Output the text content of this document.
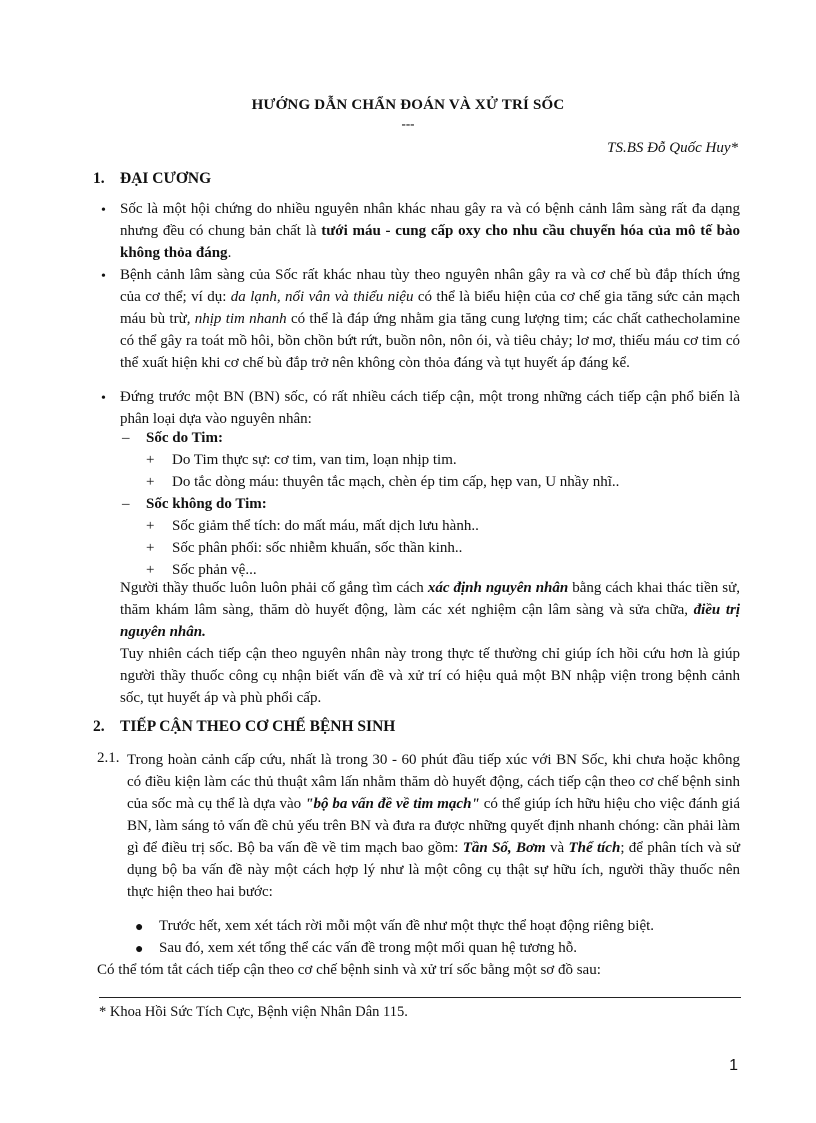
HƯỚNG DẪN CHẨN ĐOÁN VÀ XỬ TRÍ SỐC
---
TS.BS Đỗ Quốc Huy*
1. ĐẠI CƯƠNG
• Sốc là một hội chứng do nhiều nguyên nhân khác nhau gây ra và có bệnh cảnh lâm sàng rất đa dạng nhưng đều có chung bản chất là tưới máu - cung cấp oxy cho nhu cầu chuyển hóa của mô tế bào không thỏa đáng.
• Bệnh cảnh lâm sàng của Sốc rất khác nhau tùy theo nguyên nhân gây ra và cơ chế bù đắp thích ứng của cơ thể; ví dụ: da lạnh, nổi vân và thiểu niệu có thể là biểu hiện của cơ chế gia tăng sức cản mạch máu bù trừ, nhịp tim nhanh có thể là đáp ứng nhằm gia tăng cung lượng tim; các chất cathecholamine có thể gây ra toát mồ hôi, bồn chồn bứt rứt, buồn nôn, nôn ói, và tiêu chảy; lơ mơ, thiếu máu cơ tim có thể xuất hiện khi cơ chế bù đắp trở nên không còn thỏa đáng và tụt huyết áp đáng kể.
• Đứng trước một BN (BN) sốc, có rất nhiều cách tiếp cận, một trong những cách tiếp cận phổ biến là phân loại dựa vào nguyên nhân:
– Sốc do Tim:
+ Do Tim thực sự: cơ tim, van tim, loạn nhịp tim.
+ Do tắc dòng máu: thuyên tắc mạch, chèn ép tim cấp, hẹp van, U nhầy nhĩ..
– Sốc không do Tim:
+ Sốc giảm thể tích: do mất máu, mất dịch lưu hành..
+ Sốc phân phối: sốc nhiễm khuẩn, sốc thần kinh..
+ Sốc phản vệ...
Người thầy thuốc luôn luôn phải cố gắng tìm cách xác định nguyên nhân bằng cách khai thác tiền sử, thăm khám lâm sàng, thăm dò huyết động, làm các xét nghiệm cận lâm sàng và sửa chữa, điều trị nguyên nhân.
Tuy nhiên cách tiếp cận theo nguyên nhân này trong thực tế thường chỉ giúp ích hồi cứu hơn là giúp người thầy thuốc công cụ nhận biết vấn đề và xử trí có hiệu quả một BN nhập viện trong bệnh cảnh sốc, tụt huyết áp và phù phổi cấp.
2. TIẾP CẬN THEO CƠ CHẾ BỆNH SINH
2.1. Trong hoàn cảnh cấp cứu, nhất là trong 30 - 60 phút đầu tiếp xúc với BN Sốc, khi chưa hoặc không có điều kiện làm các thủ thuật xâm lấn nhằm thăm dò huyết động, cách tiếp cận theo cơ chế bệnh sinh của sốc mà cụ thể là dựa vào "bộ ba vấn đề về tim mạch" có thể giúp ích hữu hiệu cho việc đánh giá BN, làm sáng tỏ vấn đề chủ yếu trên BN và đưa ra được những quyết định nhanh chóng: cần phải làm gì để điều trị sốc. Bộ ba vấn đề về tim mạch bao gồm: Tần Số, Bơm và Thể tích; để phân tích và sử dụng bộ ba vấn đề này một cách hợp lý như là một công cụ thật sự hữu ích, người thầy thuốc nên thực hiện theo hai bước:
● Trước hết, xem xét tách rời mỗi một vấn đề như một thực thể hoạt động riêng biệt.
● Sau đó, xem xét tổng thể các vấn đề trong một mối quan hệ tương hỗ.
Có thể tóm tắt cách tiếp cận theo cơ chế bệnh sinh và xử trí sốc bằng một sơ đồ sau:
* Khoa Hồi Sức Tích Cực, Bệnh viện Nhân Dân 115.
1
